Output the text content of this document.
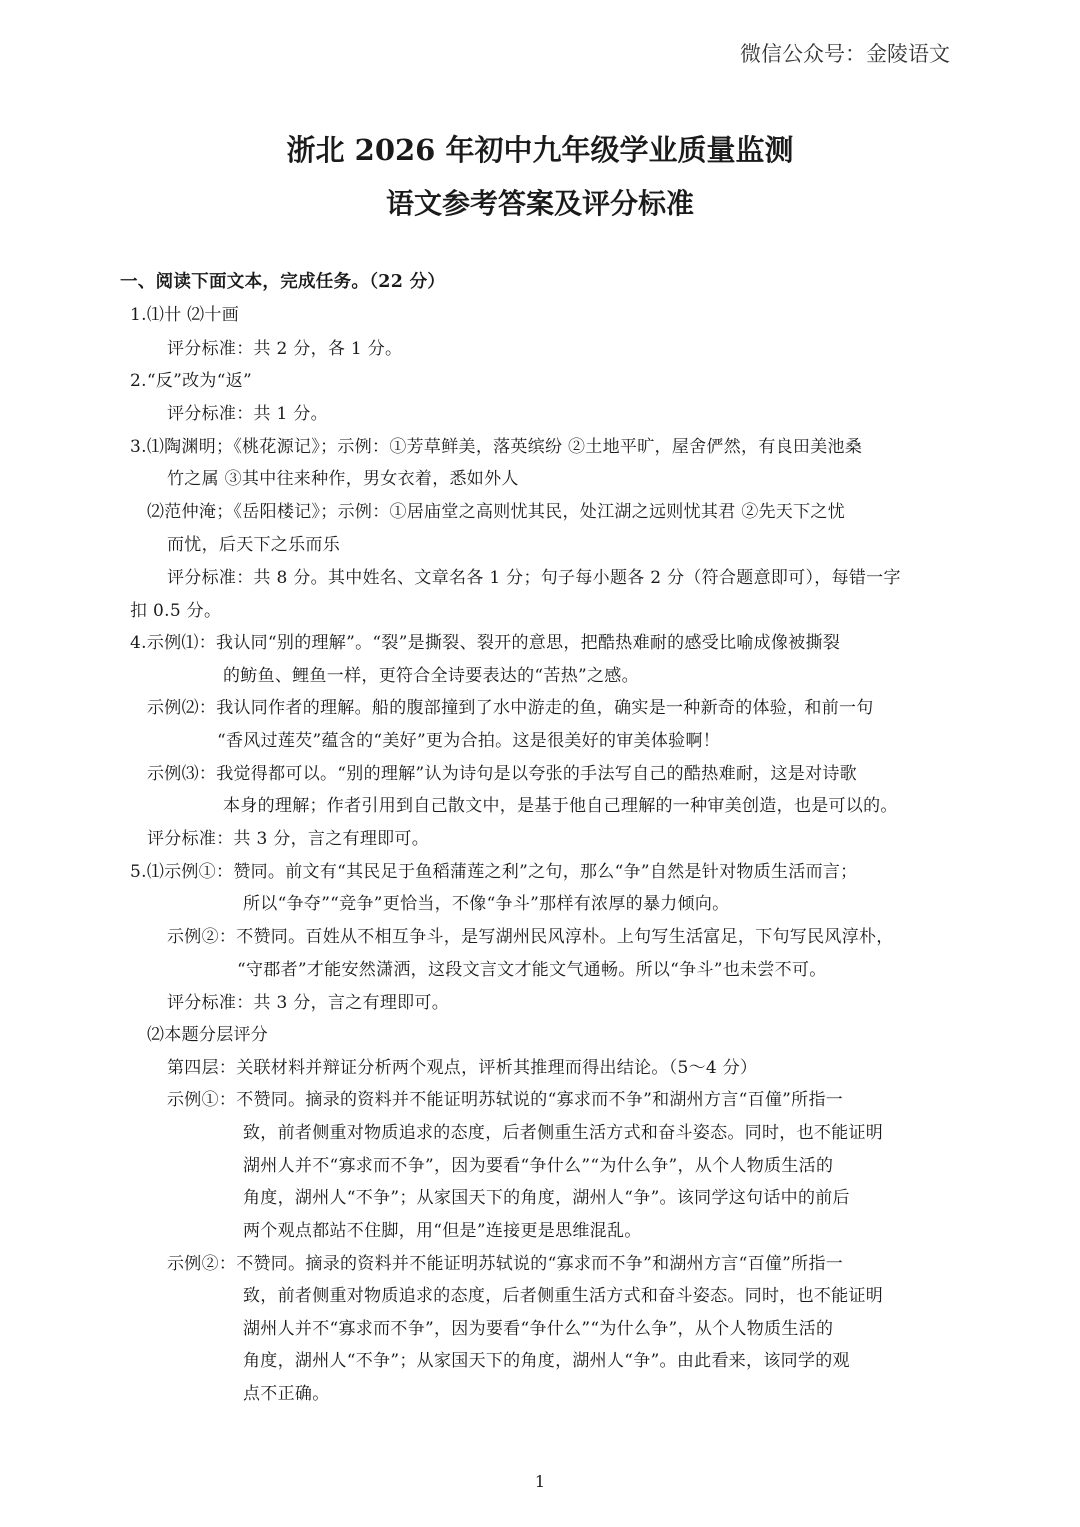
微信公众号：金陵语文
浙北 2026 年初中九年级学业质量监测
语文参考答案及评分标准
一、阅读下面文本，完成任务。（22 分）
1.⑴卄 ⑵十画
评分标准：共 2 分，各 1 分。
2.“反”改为“返”
评分标准：共 1 分。
3.⑴陶渊明；《桃花源记》；示例：①芳草鲜美，落英缤纷 ②土地平旷，屋舍俨然，有良田美池桑
竹之属 ③其中往来种作，男女衣着，悉如外人
⑵范仲淹；《岳阳楼记》；示例：①居庙堂之高则忧其民，处江湖之远则忧其君 ②先天下之忧
而忧，后天下之乐而乐
评分标准：共 8 分。其中姓名、文章名各 1 分；句子每小题各 2 分（符合题意即可），每错一字
扣 0.5 分。
4.示例⑴：我认同“别的理解”。“裂”是撕裂、裂开的意思，把酷热难耐的感受比喻成像被撕裂
的鲂鱼、鲤鱼一样，更符合全诗要表达的“苦热”之感。
示例⑵：我认同作者的理解。船的腹部撞到了水中游走的鱼，确实是一种新奇的体验，和前一句
“香风过莲芡”蕴含的“美好”更为合拍。这是很美好的审美体验啊！
示例⑶：我觉得都可以。“别的理解”认为诗句是以夸张的手法写自己的酷热难耐，这是对诗歌
本身的理解；作者引用到自己散文中，是基于他自己理解的一种审美创造，也是可以的。
评分标准：共 3 分，言之有理即可。
5.⑴示例①：赞同。前文有“其民足于鱼稻蒲莲之利”之句，那么“争”自然是针对物质生活而言；
所以“争夺”“竞争”更恰当，不像“争斗”那样有浓厚的暴力倾向。
示例②：不赞同。百姓从不相互争斗，是写湖州民风淳朴。上句写生活富足，下句写民风淳朴，
“守郡者”才能安然潇洒，这段文言文才能文气通畅。所以“争斗”也未尝不可。
评分标准：共 3 分，言之有理即可。
⑵本题分层评分
第四层：关联材料并辩证分析两个观点，评析其推理而得出结论。（5～4 分）
示例①：不赞同。摘录的资料并不能证明苏轼说的“寡求而不争”和湖州方言“百僮”所指一
致，前者侧重对物质追求的态度，后者侧重生活方式和奋斗姿态。同时，也不能证明
湖州人并不“寡求而不争”，因为要看“争什么”“为什么争”，从个人物质生活的
角度，湖州人“不争”；从家国天下的角度，湖州人“争”。该同学这句话中的前后
两个观点都站不住脚，用“但是”连接更是思维混乱。
示例②：不赞同。摘录的资料并不能证明苏轼说的“寡求而不争”和湖州方言“百僮”所指一
致，前者侧重对物质追求的态度，后者侧重生活方式和奋斗姿态。同时，也不能证明
湖州人并不“寡求而不争”，因为要看“争什么”“为什么争”，从个人物质生活的
角度，湖州人“不争”；从家国天下的角度，湖州人“争”。由此看来，该同学的观
点不正确。
1
